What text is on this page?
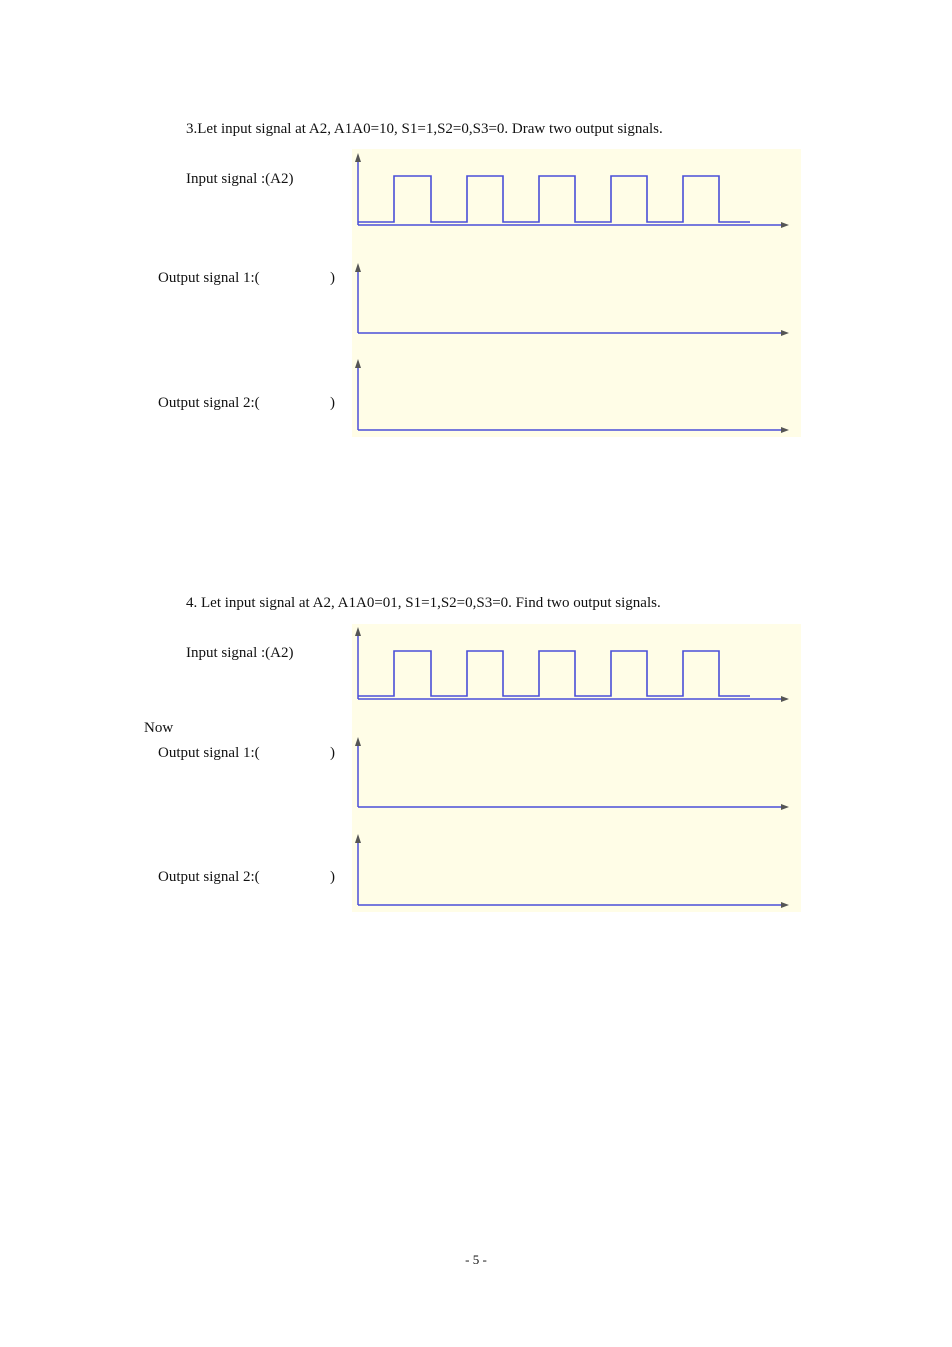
3.Let input signal at A2, A1A0=10, S1=1,S2=0,S3=0. Draw two output signals.
Input signal :(A2)
Output signal 1:(	)
Output signal 2:(	)
4. Let input signal at A2, A1A0=01, S1=1,S2=0,S3=0. Find two output signals.
Input signal :(A2)
Now
Output signal 1:(	)
Output signal 2:(	)
- 5 -
